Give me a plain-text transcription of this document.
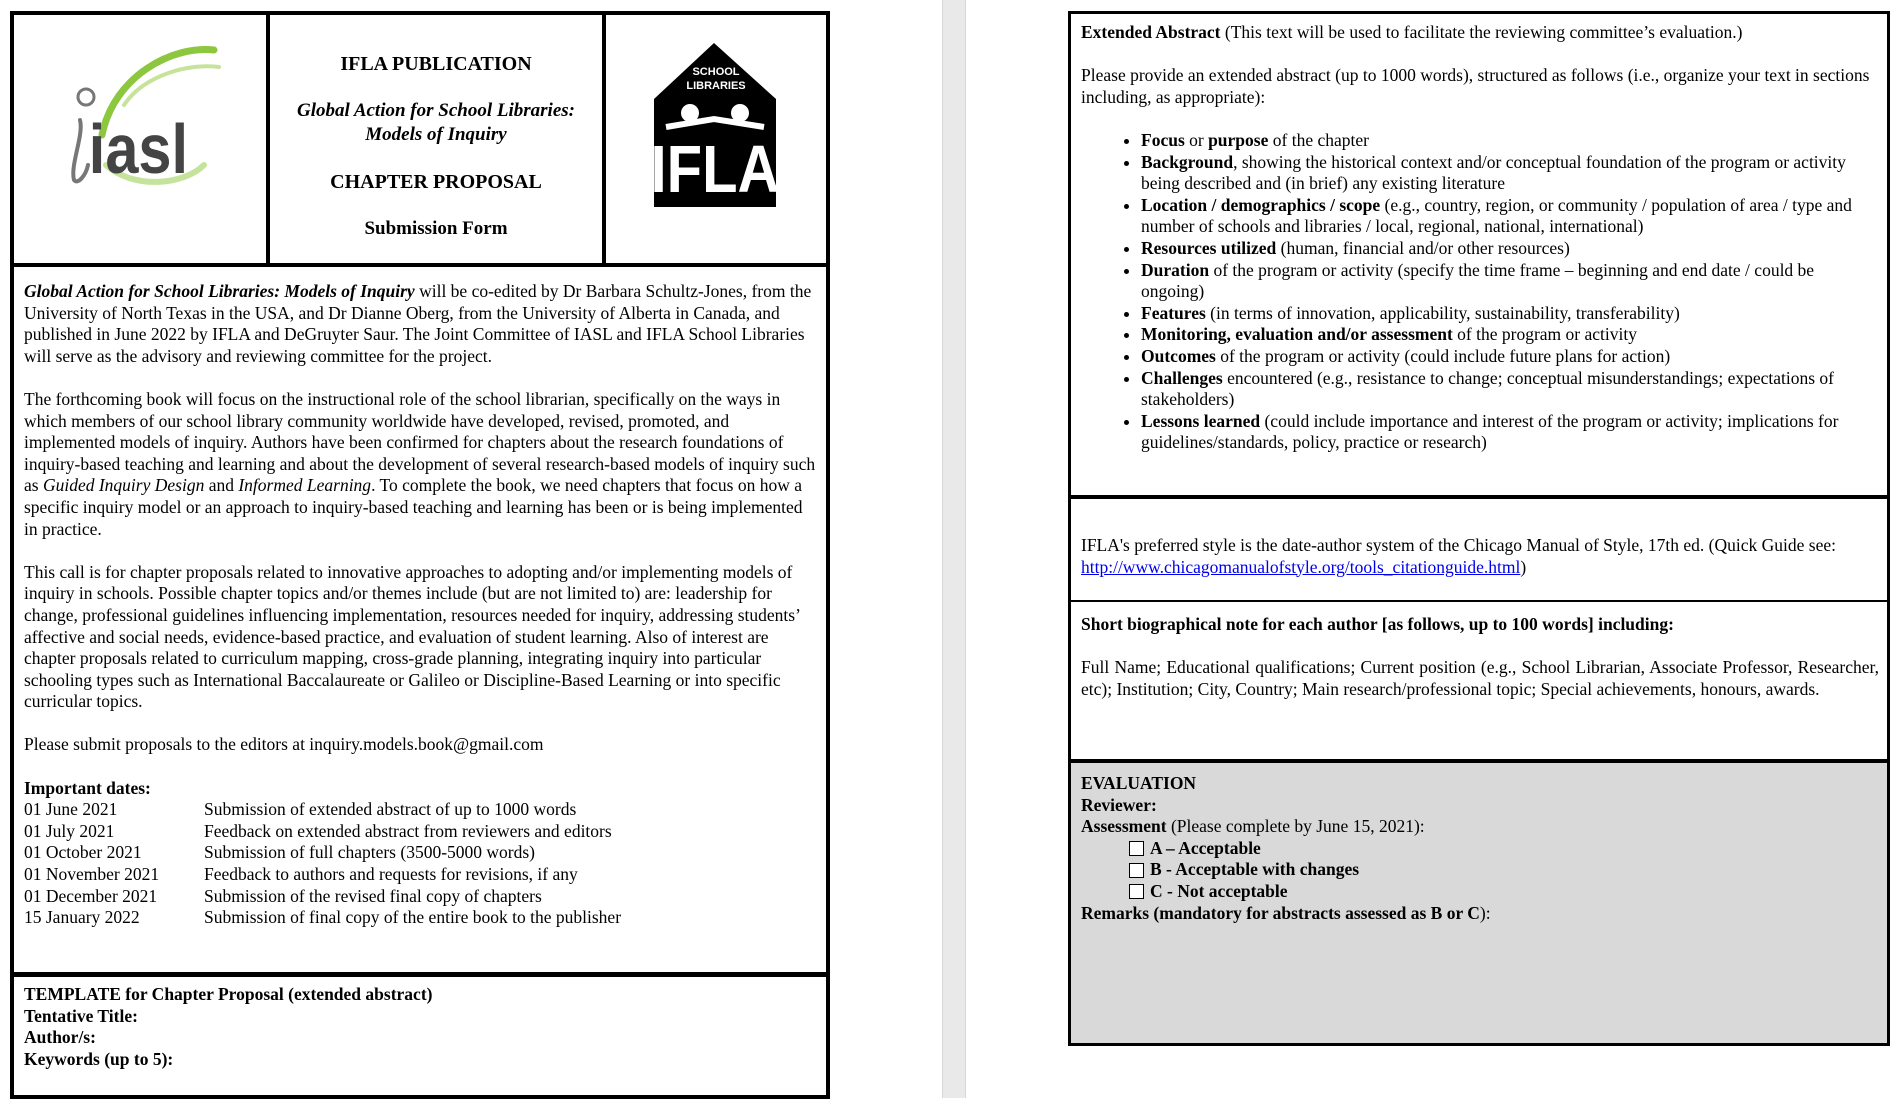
iasl
IFLA PUBLICATION
Global Action for School Libraries: Models of Inquiry
CHAPTER PROPOSAL
Submission Form
SCHOOL
LIBRARIES
IFLA

Global Action for School Libraries: Models of Inquiry will be co-edited by Dr Barbara Schultz-Jones, from the University of North Texas in the USA, and Dr Dianne Oberg, from the University of Alberta in Canada, and published in June 2022 by IFLA and DeGruyter Saur. The Joint Committee of IASL and IFLA School Libraries will serve as the advisory and reviewing committee for the project.

The forthcoming book will focus on the instructional role of the school librarian, specifically on the ways in which members of our school library community worldwide have developed, revised, promoted, and implemented models of inquiry. Authors have been confirmed for chapters about the research foundations of inquiry-based teaching and learning and about the development of several research-based models of inquiry such as Guided Inquiry Design and Informed Learning. To complete the book, we need chapters that focus on how a specific inquiry model or an approach to inquiry-based teaching and learning has been or is being implemented in practice.

This call is for chapter proposals related to innovative approaches to adopting and/or implementing models of inquiry in schools. Possible chapter topics and/or themes include (but are not limited to) are: leadership for change, professional guidelines influencing implementation, resources needed for inquiry, addressing students’ affective and social needs, evidence-based practice, and evaluation of student learning. Also of interest are chapter proposals related to curriculum mapping, cross-grade planning, integrating inquiry into particular schooling types such as International Baccalaureate or Galileo or Discipline-Based Learning or into specific curricular topics.

Please submit proposals to the editors at inquiry.models.book@gmail.com

Important dates:
01 June 2021	Submission of extended abstract of up to 1000 words
01 July 2021	Feedback on extended abstract from reviewers and editors
01 October 2021	Submission of full chapters (3500-5000 words)
01 November 2021	Feedback to authors and requests for revisions, if any
01 December 2021	Submission of the revised final copy of chapters
15 January 2022	Submission of final copy of the entire book to the publisher
TEMPLATE for Chapter Proposal (extended abstract)
Tentative Title:
Author/s:
Keywords (up to 5):

Extended Abstract (This text will be used to facilitate the reviewing committee’s evaluation.)

Please provide an extended abstract (up to 1000 words), structured as follows (i.e., organize your text in sections including, as appropriate):

• Focus or purpose of the chapter
• Background, showing the historical context and/or conceptual foundation of the program or activity being described and (in brief) any existing literature
• Location / demographics / scope (e.g., country, region, or community / population of area / type and number of schools and libraries / local, regional, national, international)
• Resources utilized (human, financial and/or other resources)
• Duration of the program or activity (specify the time frame – beginning and end date / could be ongoing)
• Features (in terms of innovation, applicability, sustainability, transferability)
• Monitoring, evaluation and/or assessment of the program or activity
• Outcomes of the program or activity (could include future plans for action)
• Challenges encountered (e.g., resistance to change; conceptual misunderstandings; expectations of stakeholders)
• Lessons learned (could include importance and interest of the program or activity; implications for guidelines/standards, policy, practice or research)
IFLA's preferred style is the date-author system of the Chicago Manual of Style, 17th ed. (Quick Guide see: http://www.chicagomanualofstyle.org/tools_citationguide.html)
Short biographical note for each author [as follows, up to 100 words] including:
Full Name; Educational qualifications; Current position (e.g., School Librarian, Associate Professor, Researcher, etc); Institution; City, Country; Main research/professional topic; Special achievements, honours, awards.
EVALUATION
Reviewer:
Assessment (Please complete by June 15, 2021):
A – Acceptable
B - Acceptable with changes
C - Not acceptable
Remarks (mandatory for abstracts assessed as B or C):
